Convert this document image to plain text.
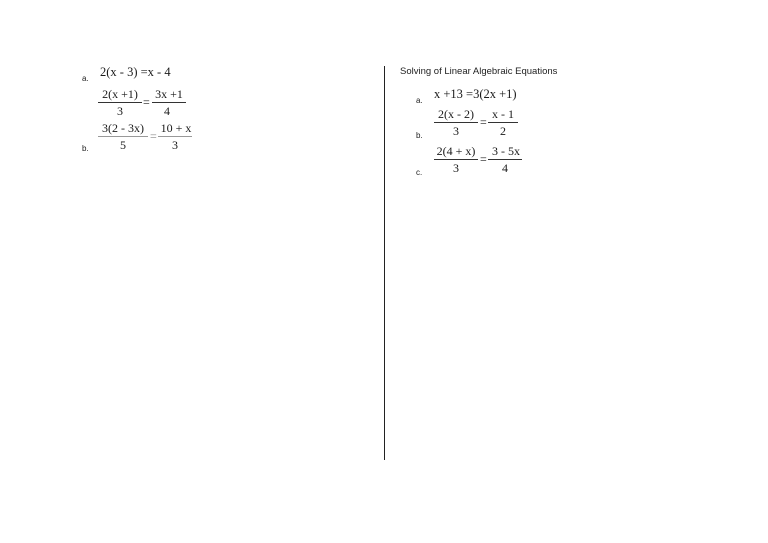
a. 2(x - 3) =x - 4
2(x +1)
3
=
3x +1
4
b.
3(2 - 3x)
5
=
10 + x
3
Solving of Linear Algebraic Equations
a. x +13 =3(2x +1)
b.
2(x - 2)
3
=
x - 1
2
c.
2(4 + x)
3
=
3 - 5x
4
